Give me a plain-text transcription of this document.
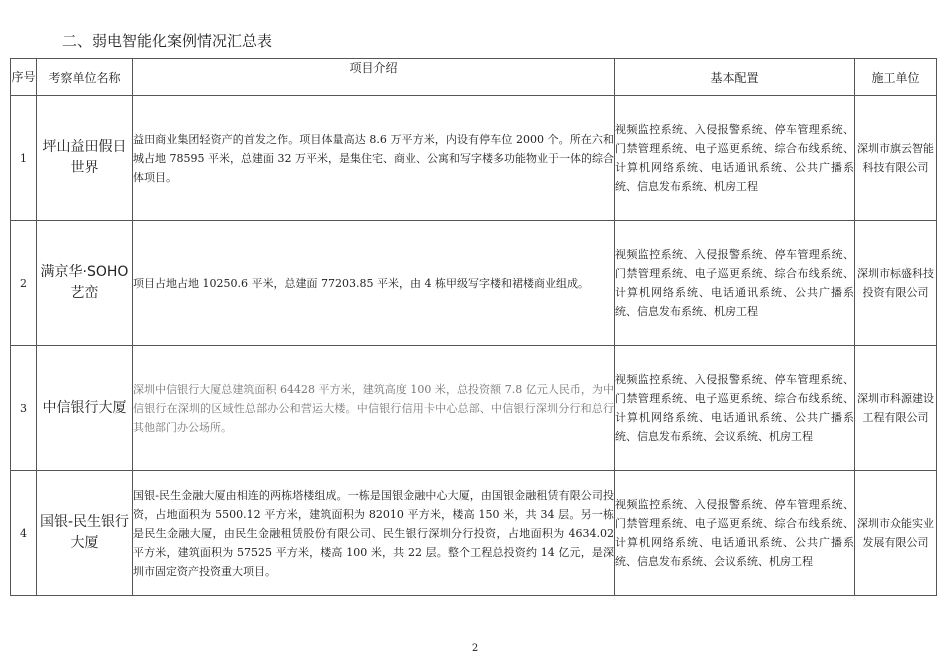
二、弱电智能化案例情况汇总表
序号	考察单位名称	项目介绍	基本配置	施工单位
1	坪山益田假日世界	益田商业集团轻资产的首发之作。项目体量高达 8.6 万平方米，内设有停车位 2000 个。所在六和城占地 78595 平米，总建面 32 万平米，是集住宅、商业、公寓和写字楼多功能物业于一体的综合体项目。	视频监控系统、入侵报警系统、停车管理系统、门禁管理系统、电子巡更系统、综合布线系统、计算机网络系统、电话通讯系统、公共广播系统、信息发布系统、机房工程	深圳市旗云智能科技有限公司
2	满京华·SOHO 艺峦	项目占地占地 10250.6 平米，总建面 77203.85 平米，由 4 栋甲级写字楼和裙楼商业组成。	视频监控系统、入侵报警系统、停车管理系统、门禁管理系统、电子巡更系统、综合布线系统、计算机网络系统、电话通讯系统、公共广播系统、信息发布系统、机房工程	深圳市标盛科技投资有限公司
3	中信银行大厦	深圳中信银行大厦总建筑面积 64428 平方米，建筑高度 100 米，总投资额 7.8 亿元人民币，为中信银行在深圳的区域性总部办公和营运大楼。中信银行信用卡中心总部、中信银行深圳分行和总行其他部门办公场所。	视频监控系统、入侵报警系统、停车管理系统、门禁管理系统、电子巡更系统、综合布线系统、计算机网络系统、电话通讯系统、公共广播系统、信息发布系统、会议系统、机房工程	深圳市科源建设工程有限公司
4	国银-民生银行大厦	国银-民生金融大厦由相连的两栋塔楼组成。一栋是国银金融中心大厦，由国银金融租赁有限公司投资，占地面积为 5500.12 平方米，建筑面积为 82010 平方米，楼高 150 米，共 34 层。另一栋是民生金融大厦，由民生金融租赁股份有限公司、民生银行深圳分行投资，占地面积为 4634.02 平方米，建筑面积为 57525 平方米，楼高 100 米，共 22 层。整个工程总投资约 14 亿元，是深圳市固定资产投资重大项目。	视频监控系统、入侵报警系统、停车管理系统、门禁管理系统、电子巡更系统、综合布线系统、计算机网络系统、电话通讯系统、公共广播系统、信息发布系统、会议系统、机房工程	深圳市众能实业发展有限公司
2
